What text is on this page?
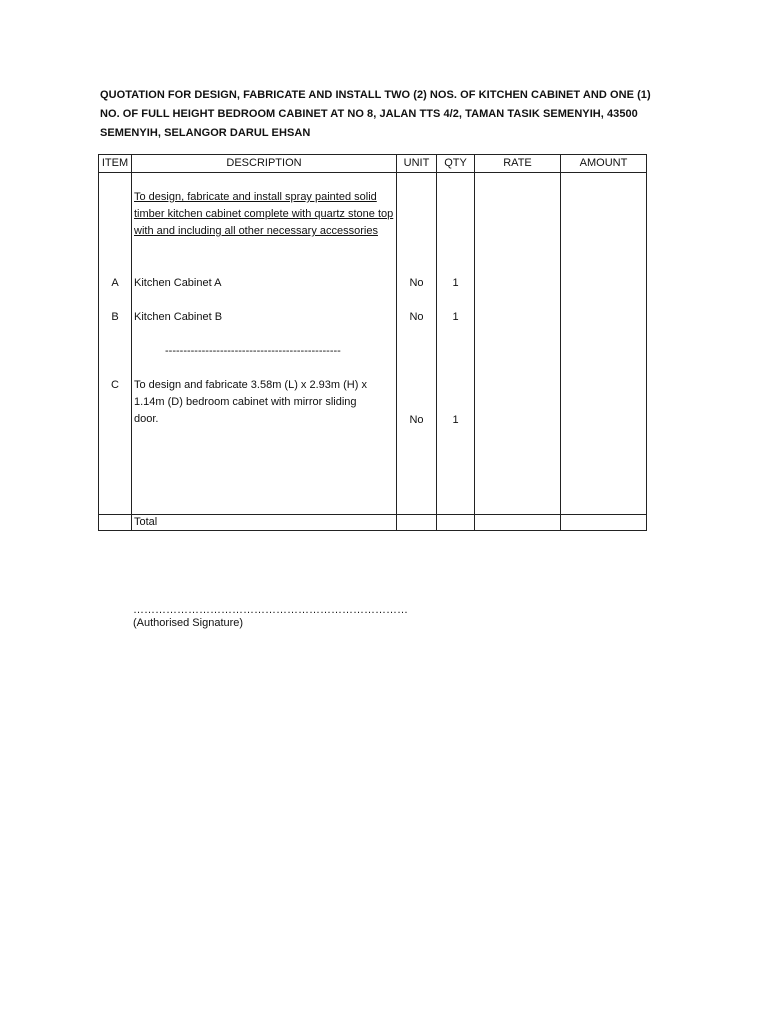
QUOTATION FOR DESIGN, FABRICATE AND INSTALL TWO (2) NOS. OF KITCHEN CABINET AND ONE (1) NO. OF FULL HEIGHT BEDROOM CABINET AT NO 8, JALAN TTS 4/2, TAMAN TASIK SEMENYIH, 43500 SEMENYIH, SELANGOR DARUL EHSAN
ITEM	DESCRIPTION	UNIT	QTY	RATE	AMOUNT
To design, fabricate and install spray painted solid timber kitchen cabinet complete with quartz stone top with and including all other necessary accessories
A	Kitchen Cabinet A	No	1
B	Kitchen Cabinet B	No	1
------------------------------------------------
C	To design and fabricate 3.58m (L) x 2.93m (H) x 1.14m (D) bedroom cabinet with mirror sliding door.	No	1
Total
…………………………………………………………………
(Authorised Signature)
